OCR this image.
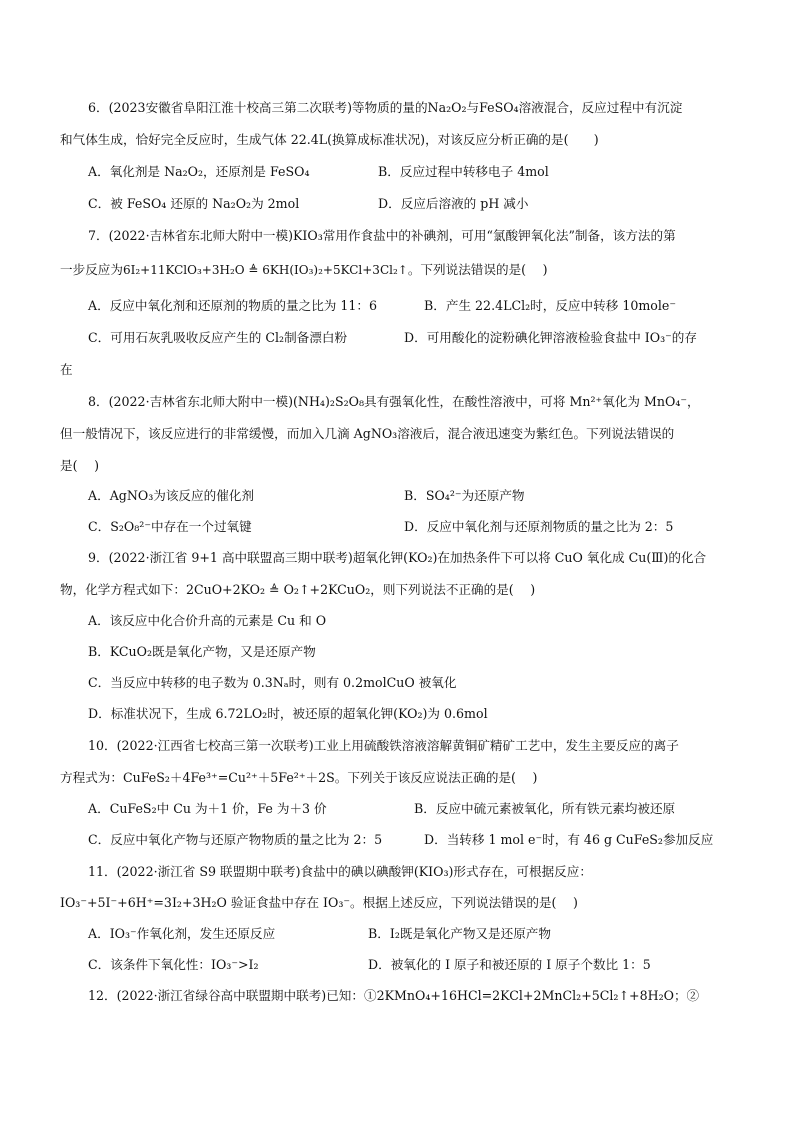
6．(2023安徽省阜阳江淮十校高三第二次联考)等物质的量的Na₂O₂与FeSO₄溶液混合，反应过程中有沉淀
和气体生成，恰好完全反应时，生成气体 22.4L(换算成标准状况)，对该反应分析正确的是(　　)
A．氧化剂是 Na₂O₂，还原剂是 FeSO₄	B．反应过程中转移电子 4mol
C．被 FeSO₄ 还原的 Na₂O₂为 2mol	D．反应后溶液的 pH 减小
7．(2022·吉林省东北师大附中一模)KIO₃常用作食盐中的补碘剂，可用“氯酸钾氧化法”制备，该方法的第
一步反应为6I₂+11KClO₃+3H₂O ≜ 6KH(IO₃)₂+5KCl+3Cl₂↑。下列说法错误的是(　 )
A．反应中氧化剂和还原剂的物质的量之比为 11：6	B．产生 22.4LCl₂时，反应中转移 10mole⁻
C．可用石灰乳吸收反应产生的 Cl₂制备漂白粉	D．可用酸化的淀粉碘化钾溶液检验食盐中 IO₃⁻的存
在
8．(2022·吉林省东北师大附中一模)(NH₄)₂S₂O₈具有强氧化性，在酸性溶液中，可将 Mn²⁺氧化为 MnO₄⁻，
但一般情况下，该反应进行的非常缓慢，而加入几滴 AgNO₃溶液后，混合液迅速变为紫红色。下列说法错误的
是(　 )
A．AgNO₃为该反应的催化剂	B．SO₄²⁻为还原产物
C．S₂O₈²⁻中存在一个过氧键	D．反应中氧化剂与还原剂物质的量之比为 2：5
9．(2022·浙江省 9+1 高中联盟高三期中联考)超氧化钾(KO₂)在加热条件下可以将 CuO 氧化成 Cu(Ⅲ)的化合
物，化学方程式如下：2CuO+2KO₂ ≜ O₂↑+2KCuO₂，则下列说法不正确的是(　 )
A．该反应中化合价升高的元素是 Cu 和 O
B．KCuO₂既是氧化产物，又是还原产物
C．当反应中转移的电子数为 0.3Nₐ时，则有 0.2molCuO 被氧化
D．标准状况下，生成 6.72LO₂时，被还原的超氧化钾(KO₂)为 0.6mol
10．(2022·江西省七校高三第一次联考)工业上用硫酸铁溶液溶解黄铜矿精矿工艺中，发生主要反应的离子
方程式为：CuFeS₂＋4Fe³⁺=Cu²⁺＋5Fe²⁺＋2S。下列关于该反应说法正确的是(　 )
A．CuFeS₂中 Cu 为＋1 价，Fe 为＋3 价	B．反应中硫元素被氧化，所有铁元素均被还原
C．反应中氧化产物与还原产物物质的量之比为 2：5	D．当转移 1 mol e⁻时，有 46 g CuFeS₂参加反应
11．(2022·浙江省 S9 联盟期中联考)食盐中的碘以碘酸钾(KIO₃)形式存在，可根据反应：
IO₃⁻+5I⁻+6H⁺=3I₂+3H₂O 验证食盐中存在 IO₃⁻。根据上述反应，下列说法错误的是(　 )
A．IO₃⁻作氧化剂，发生还原反应	B．I₂既是氧化产物又是还原产物
C．该条件下氧化性：IO₃⁻>I₂	D．被氧化的 I 原子和被还原的 I 原子个数比 1：5
12．(2022·浙江省绿谷高中联盟期中联考)已知：①2KMnO₄+16HCl=2KCl+2MnCl₂+5Cl₂↑+8H₂O；②
